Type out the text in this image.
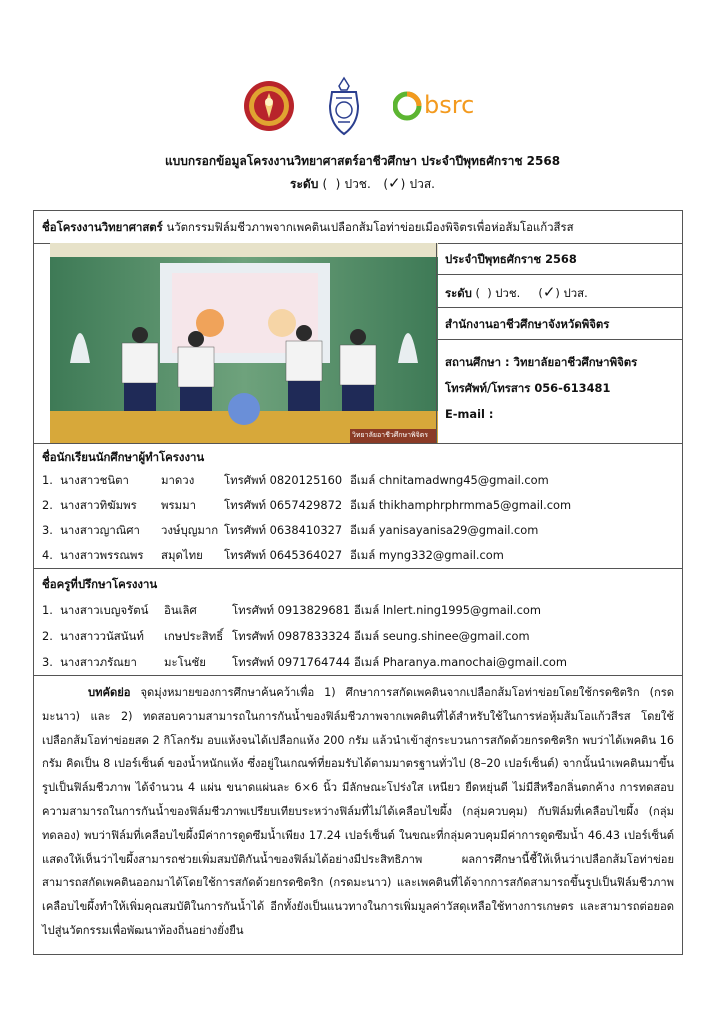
bsrc
แบบกรอกข้อมูลโครงงานวิทยาศาสตร์อาชีวศึกษา ประจำปีพุทธศักราช 2568
ระดับ ( ) ปวช. (✓) ปวส.
ชื่อโครงงานวิทยาศาสตร์ นวัตกรรมฟิล์มชีวภาพจากเพคตินเปลือกส้มโอท่าข่อยเมืองพิจิตรเพื่อห่อส้มโอแก้วสีรส
วิทยาลัยอาชีวศึกษาพิจิตร
ประจำปีพุทธศักราช 2568
ระดับ ( ) ปวช. (✓) ปวส.
สำนักงานอาชีวศึกษาจังหวัดพิจิตร
สถานศึกษา : วิทยาลัยอาชีวศึกษาพิจิตร
โทรศัพท์/โทรสาร 056-613481
E-mail :
ชื่อนักเรียนนักศึกษาผู้ทำโครงงาน
1. นางสาวชนิตา	มาดวง	โทรศัพท์ 0820125160 อีเมล์ chnitamadwng45@gmail.com
2. นางสาวทิฆัมพร พรมมา โทรศัพท์ 0657429872 อีเมล์ thikhamphrphrmma5@gmail.com
3. นางสาวญาณิศา วงษ์บุญมาก โทรศัพท์ 0638410327 อีเมล์ yanisayanisa29@gmail.com
4. นางสาวพรรณพร สมุดไทย โทรศัพท์ 0645364027 อีเมล์ myng332@gmail.com
ชื่อครูที่ปรึกษาโครงงาน
1. นางสาวเบญจรัตน์ อินเลิศ	โทรศัพท์ 0913829681 อีเมล์ lnlert.ning1995@gmail.com
2. นางสาววนัสนันท์ เกษประสิทธิ์ โทรศัพท์ 0987833324 อีเมล์ seung.shinee@gmail.com
3. นางสาวภรัณยา มะโนชัย โทรศัพท์ 0971764744 อีเมล์ Pharanya.manochai@gmail.com
บทคัดย่อ จุดมุ่งหมายของการศึกษาค้นคว้าเพื่อ 1) ศึกษาการสกัดเพคตินจากเปลือกส้มโอท่าข่อยโดยใช้กรดซิตริก (กรดมะนาว) และ 2) ทดสอบความสามารถในการกันน้ำของฟิล์มชีวภาพจากเพคตินที่ได้สำหรับใช้ในการห่อหุ้มส้มโอแก้วสีรส โดยใช้เปลือกส้มโอท่าข่อยสด 2 กิโลกรัม อบแห้งจนได้เปลือกแห้ง 200 กรัม แล้วนำเข้าสู่กระบวนการสกัดด้วยกรดซิตริก พบว่าได้เพคติน 16 กรัม คิดเป็น 8 เปอร์เซ็นต์ ของน้ำหนักแห้ง ซึ่งอยู่ในเกณฑ์ที่ยอมรับได้ตามมาตรฐานทั่วไป (8–20 เปอร์เซ็นต์) จากนั้นนำเพคตินมาขึ้นรูปเป็นฟิล์มชีวภาพ ได้จำนวน 4 แผ่น ขนาดแผ่นละ 6×6 นิ้ว มีลักษณะโปร่งใส เหนียว ยืดหยุ่นดี ไม่มีสีหรือกลิ่นตกค้าง การทดสอบความสามารถในการกันน้ำของฟิล์มชีวภาพเปรียบเทียบระหว่างฟิล์มที่ไม่ได้เคลือบไขผึ้ง (กลุ่มควบคุม) กับฟิล์มที่เคลือบไขผึ้ง (กลุ่มทดลอง) พบว่าฟิล์มที่เคลือบไขผึ้งมีค่าการดูดซึมน้ำเพียง 17.24 เปอร์เซ็นต์ ในขณะที่กลุ่มควบคุมมีค่าการดูดซึมน้ำ 46.43 เปอร์เซ็นต์ แสดงให้เห็นว่าไขผึ้งสามารถช่วยเพิ่มสมบัติกันน้ำของฟิล์มได้อย่างมีประสิทธิภาพ ผลการศึกษานี้ชี้ให้เห็นว่าเปลือกส้มโอท่าข่อยสามารถสกัดเพคตินออกมาได้โดยใช้การสกัดด้วยกรดซิตริก (กรดมะนาว) และเพคตินที่ได้จากการสกัดสามารถขึ้นรูปเป็นฟิล์มชีวภาพเคลือบไขผึ้งทำให้เพิ่มคุณสมบัติในการกันน้ำได้ อีกทั้งยังเป็นแนวทางในการเพิ่มมูลค่าวัสดุเหลือใช้ทางการเกษตร และสามารถต่อยอดไปสู่นวัตกรรมเพื่อพัฒนาท้องถิ่นอย่างยั่งยืน
